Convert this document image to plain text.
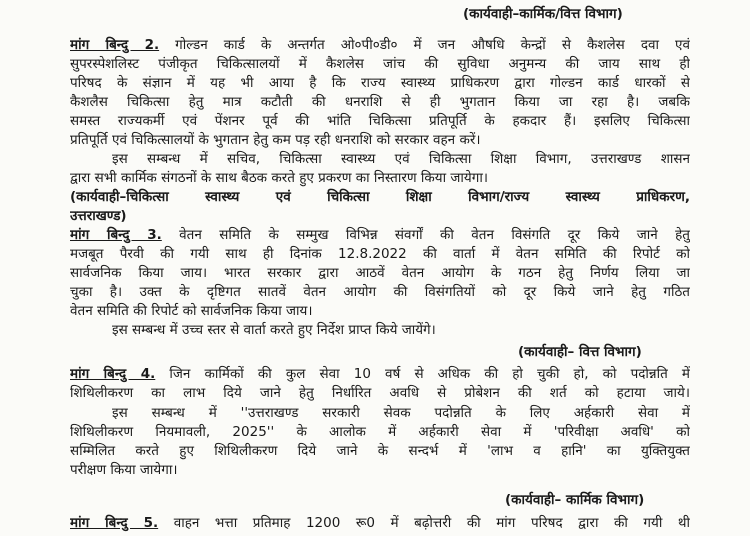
(कार्यवाही–कार्मिक/वित्त विभाग)
मांग बिन्दु 2. गोल्डन कार्ड के अन्तर्गत ओ०पी०डी० में जन औषधि केन्द्रों से कैशलेस दवा एवं
सुपरस्पेशलिस्ट पंजीकृत चिकित्सालयों में कैशलेस जांच की सुविधा अनुमन्य की जाय साथ ही
परिषद के संज्ञान में यह भी आया है कि राज्य स्वास्थ्य प्राधिकरण द्वारा गोल्डन कार्ड धारकों से
कैशलैस चिकित्सा हेतु मात्र कटौती की धनराशि से ही भुगतान किया जा रहा है। जबकि
समस्त राज्यकर्मी एवं पेंशनर पूर्व की भांति चिकित्सा प्रतिपूर्ति के हकदार हैं। इसलिए चिकित्सा
प्रतिपूर्ति एवं चिकित्सालयों के भुगतान हेतु कम पड़ रही धनराशि को सरकार वहन करें।
इस सम्बन्ध में सचिव, चिकित्सा स्वास्थ्य एवं चिकित्सा शिक्षा विभाग, उत्तराखण्ड शासन
द्वारा सभी कार्मिक संगठनों के साथ बैठक करते हुए प्रकरण का निस्तारण किया जायेगा।
(कार्यवाही–चिकित्सा स्वास्थ्य एवं चिकित्सा शिक्षा विभाग/राज्य स्वास्थ्य प्राधिकरण,
उत्तराखण्ड)
मांग बिन्दु 3. वेतन समिति के सम्मुख विभिन्न संवर्गों की वेतन विसंगति दूर किये जाने हेतु
मजबूत पैरवी की गयी साथ ही दिनांक 12.8.2022 की वार्ता में वेतन समिति की रिपोर्ट को
सार्वजनिक किया जाय। भारत सरकार द्वारा आठवें वेतन आयोग के गठन हेतु निर्णय लिया जा
चुका है। उक्त के दृष्टिगत सातवें वेतन आयोग की विसंगतियों को दूर किये जाने हेतु गठित
वेतन समिति की रिपोर्ट को सार्वजनिक किया जाय।
इस सम्बन्ध में उच्च स्तर से वार्ता करते हुए निर्देश प्राप्त किये जायेंगे।
(कार्यवाही– वित्त विभाग)
मांग बिन्दु 4. जिन कार्मिकों की कुल सेवा 10 वर्ष से अधिक की हो चुकी हो, को पदोन्नति में
शिथिलीकरण का लाभ दिये जाने हेतु निर्धारित अवधि से प्रोबेशन की शर्त को हटाया जाये।
इस सम्बन्ध में ''उत्तराखण्ड सरकारी सेवक पदोन्नति के लिए अर्हकारी सेवा में
शिथिलीकरण नियमावली, 2025'' के आलोक में अर्हकारी सेवा में 'परिवीक्षा अवधि' को
सम्मिलित करते हुए शिथिलीकरण दिये जाने के सन्दर्भ में 'लाभ व हानि' का युक्तियुक्त
परीक्षण किया जायेगा।
(कार्यवाही– कार्मिक विभाग)
मांग बिन्दु 5. वाहन भत्ता प्रतिमाह 1200 रू0 में बढ़ोत्तरी की मांग परिषद द्वारा की गयी थी
